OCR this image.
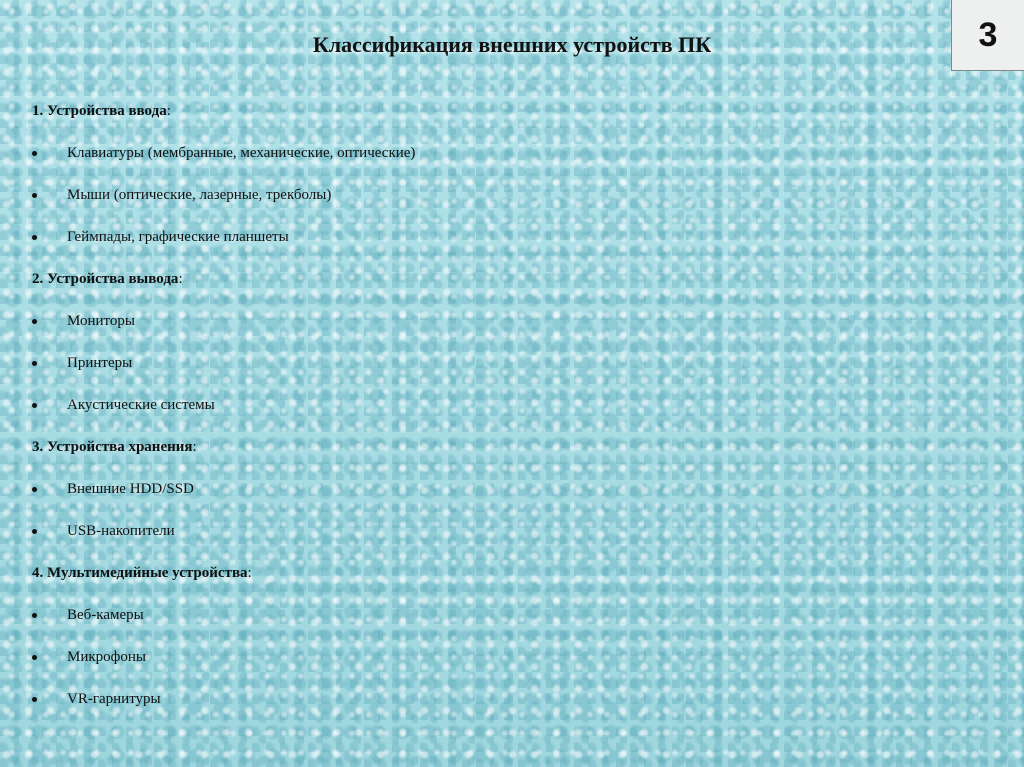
3
Классификация внешних устройств ПК
1. Устройства ввода:
Клавиатуры (мембранные, механические, оптические)
Мыши (оптические, лазерные, трекболы)
Геймпады, графические планшеты
2. Устройства вывода:
Мониторы
Принтеры
Акустические системы
3. Устройства хранения:
Внешние HDD/SSD
USB-накопители
4. Мультимедийные устройства:
Веб-камеры
Микрофоны
VR-гарнитуры
